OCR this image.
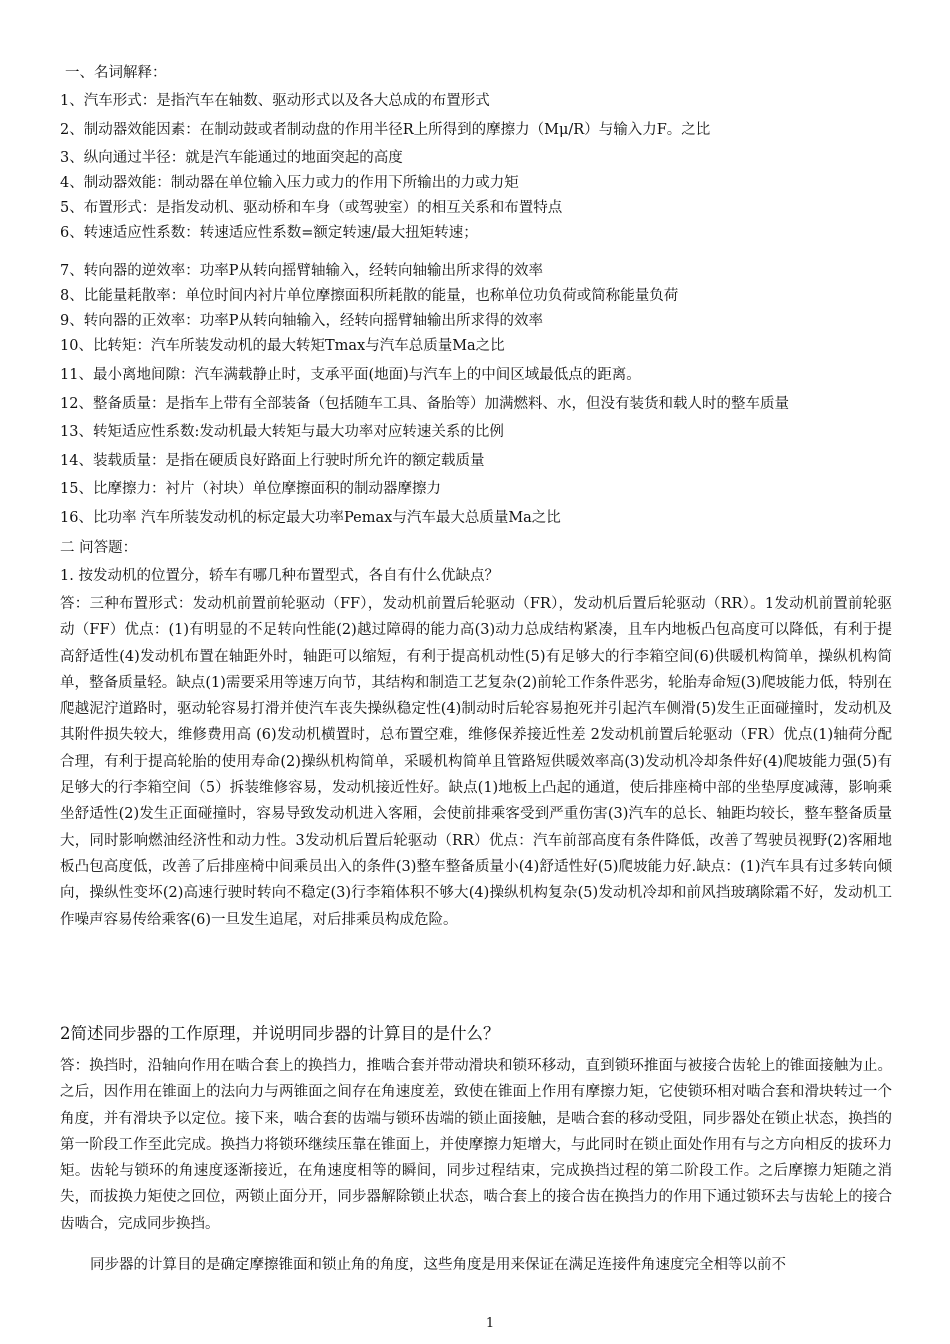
一、名词解释：
1、汽车形式：是指汽车在轴数、驱动形式以及各大总成的布置形式
2、制动器效能因素：在制动鼓或者制动盘的作用半径R上所得到的摩擦力（Mμ/R）与输入力F。之比
3、纵向通过半径：就是汽车能通过的地面突起的高度
4、制动器效能：制动器在单位输入压力或力的作用下所输出的力或力矩
5、布置形式：是指发动机、驱动桥和车身（或驾驶室）的相互关系和布置特点
6、转速适应性系数：转速适应性系数=额定转速/最大扭矩转速；
7、转向器的逆效率：功率P从转向摇臂轴输入，经转向轴输出所求得的效率
8、比能量耗散率：单位时间内衬片单位摩擦面积所耗散的能量，也称单位功负荷或简称能量负荷
9、转向器的正效率：功率P从转向轴输入，经转向摇臂轴输出所求得的效率
10、比转矩：汽车所装发动机的最大转矩Tmax与汽车总质量Ma之比
11、最小离地间隙：汽车满载静止时，支承平面(地面)与汽车上的中间区域最低点的距离。
12、整备质量：是指车上带有全部装备（包括随车工具、备胎等）加满燃料、水，但没有装货和载人时的整车质量
13、转矩适应性系数:发动机最大转矩与最大功率对应转速关系的比例
14、装载质量：是指在硬质良好路面上行驶时所允许的额定载质量
15、比摩擦力：衬片（衬块）单位摩擦面积的制动器摩擦力
16、比功率 汽车所装发动机的标定最大功率Pemax与汽车最大总质量Ma之比
二 问答题：
1. 按发动机的位置分，轿车有哪几种布置型式，各自有什么优缺点？
答：三种布置形式：发动机前置前轮驱动（FF），发动机前置后轮驱动（FR），发动机后置后轮驱动（RR）。1发动机前置前轮驱动（FF）优点：(1)有明显的不足转向性能(2)越过障碍的能力高(3)动力总成结构紧凑，且车内地板凸包高度可以降低，有利于提高舒适性(4)发动机布置在轴距外时，轴距可以缩短，有利于提高机动性(5)有足够大的行李箱空间(6)供暖机构简单，操纵机构简单，整备质量轻。缺点(1)需要采用等速万向节，其结构和制造工艺复杂(2)前轮工作条件恶劣，轮胎寿命短(3)爬坡能力低，特别在爬越泥泞道路时，驱动轮容易打滑并使汽车丧失操纵稳定性(4)制动时后轮容易抱死并引起汽车侧滑(5)发生正面碰撞时，发动机及其附件损失较大，维修费用高 (6)发动机横置时，总布置空难，维修保养接近性差 2发动机前置后轮驱动（FR）优点(1)轴荷分配合理，有利于提高轮胎的使用寿命(2)操纵机构简单，采暖机构简单且管路短供暖效率高(3)发动机冷却条件好(4)爬坡能力强(5)有足够大的行李箱空间（5）拆装维修容易，发动机接近性好。缺点(1)地板上凸起的通道，使后排座椅中部的坐垫厚度减薄，影响乘坐舒适性(2)发生正面碰撞时，容易导致发动机进入客厢，会使前排乘客受到严重伤害(3)汽车的总长、轴距均较长，整车整备质量大，同时影响燃油经济性和动力性。3发动机后置后轮驱动（RR）优点：汽车前部高度有条件降低，改善了驾驶员视野(2)客厢地板凸包高度低，改善了后排座椅中间乘员出入的条件(3)整车整备质量小(4)舒适性好(5)爬坡能力好.缺点：(1)汽车具有过多转向倾向，操纵性变坏(2)高速行驶时转向不稳定(3)行李箱体积不够大(4)操纵机构复杂(5)发动机冷却和前风挡玻璃除霜不好，发动机工作噪声容易传给乘客(6)一旦发生追尾，对后排乘员构成危险。
2简述同步器的工作原理，并说明同步器的计算目的是什么？
答：换挡时，沿轴向作用在啮合套上的换挡力，推啮合套并带动滑块和锁环移动，直到锁环推面与被接合齿轮上的锥面接触为止。之后，因作用在锥面上的法向力与两锥面之间存在角速度差，致使在锥面上作用有摩擦力矩，它使锁环相对啮合套和滑块转过一个角度，并有滑块予以定位。接下来，啮合套的齿端与锁环齿端的锁止面接触，是啮合套的移动受阻，同步器处在锁止状态，换挡的第一阶段工作至此完成。换挡力将锁环继续压靠在锥面上，并使摩擦力矩增大，与此同时在锁止面处作用有与之方向相反的拔环力矩。齿轮与锁环的角速度逐渐接近，在角速度相等的瞬间，同步过程结束，完成换挡过程的第二阶段工作。之后摩擦力矩随之消失，而拔换力矩使之回位，两锁止面分开，同步器解除锁止状态，啮合套上的接合齿在换挡力的作用下通过锁环去与齿轮上的接合齿啮合，完成同步换挡。
同步器的计算目的是确定摩擦锥面和锁止角的角度，这些角度是用来保证在满足连接件角速度完全相等以前不
1
